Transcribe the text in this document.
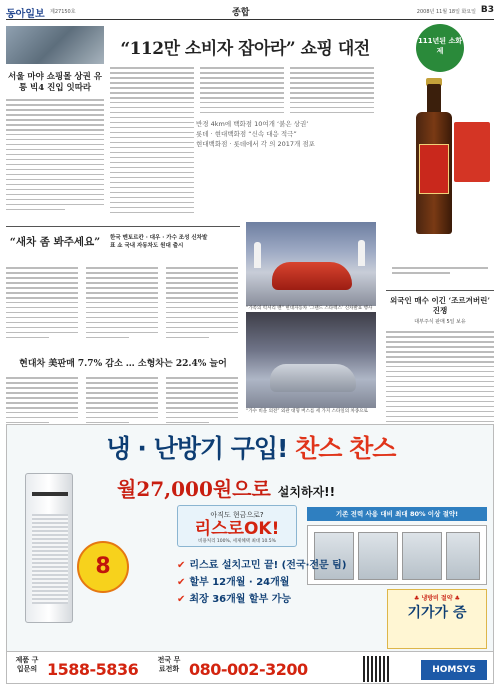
동아일보 제27150호	종합	2008년 11월 18일 화요일 B3
서울 마야 쇼핑몰 상권 유통 빅4 진입 잇따라
“112만 소비자 잡아라” 쇼핑 대전
반경 4km에 백화점 10여개 ‘붉은 상권’
롯데 · 현대백화점 “신속 대응 적극”
현대백화점 · 롯데에서 각 의 2017개 점포
111년된 소화제
“새차 좀 봐주세요”	한국 멘토르칸 · 대우 · 가수 조성 신차발표 쇼 국내 자동차도 원대 출시
“가족의 럭셔리 밴” 현대자동차 ‘그랜드 스타렉스’ 신차발표 행사
“가수 비을 의전” 외관 대형 버스를 세 가지 스타일의 차종으로
외국인 매수 이긴 ‘조르겨버린’ 진쟁
대부주식 판매 5일 보유
현대차 美판매 7.7% 감소 … 소형차는 22.4% 늘어
냉 · 난방기 구입! 찬스 찬스
월27,000원으로 설치하자!!
8
아직도 현금으로?
리스로OK!
비용처리 100%, 세제혜택 최대 10.5%
기존 전력 사용 대비 최대 80% 이상 절약!
✔ 리스료 설치고민 끝! (전국·전문 팀)
✔ 할부 12개월 · 24개월
✔ 최장 36개월 할부 가능	♣ 냉방비 절약 ♣
기가가 증
제품 구입문의 1588-5836	전국 무료전화 080-002-3200	HOMSYS
